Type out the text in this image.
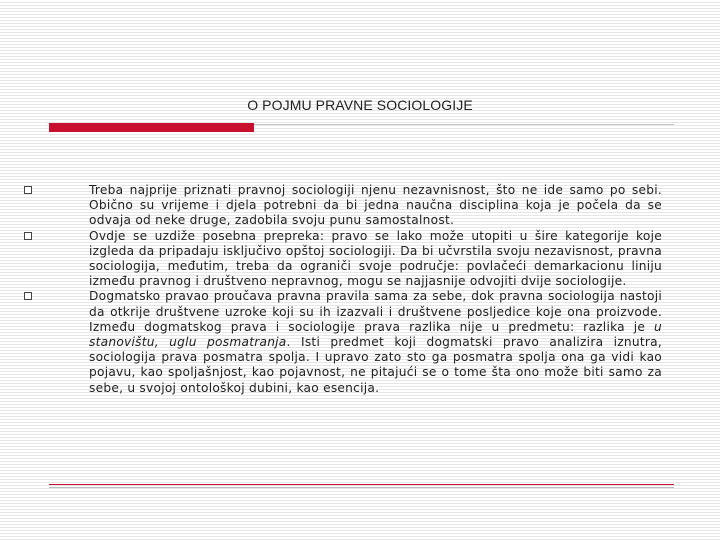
O POJMU PRAVNE SOCIOLOGIJE

Treba najprije priznati pravnoj sociologiji njenu nezavnisnost, što ne ide samo po sebi. Obično su vrijeme i djela potrebni da bi jedna naučna disciplina koja je počela da se odvaja od neke druge, zadobila svoju punu samostalnost.

Ovdje se uzdiže posebna prepreka: pravo se lako može utopiti u šire kategorije koje izgleda da pripadaju isključivo opštoj sociologiji. Da bi učvrstila svoju nezavisnost, pravna sociologija, međutim, treba da ograniči svoje područje: povlačeći demarkacionu liniju između pravnog i društveno nepravnog, mogu se najjasnije odvojiti dvije sociologije.

Dogmatsko pravao proučava pravna pravila sama za sebe, dok pravna sociologija nastoji da otkrije društvene uzroke koji su ih izazvali i društvene posljedice koje ona proizvode. Između dogmatskog prava i sociologije prava razlika nije u predmetu: razlika je u stanovištu, uglu posmatranja. Isti predmet koji dogmatski pravo analizira iznutra, sociologija prava posmatra spolja. I upravo zato sto ga posmatra spolja ona ga vidi kao pojavu, kao spoljašnjost, kao pojavnost, ne pitajući se o tome šta ono može biti samo za sebe, u svojoj ontološkoj dubini, kao esencija.
